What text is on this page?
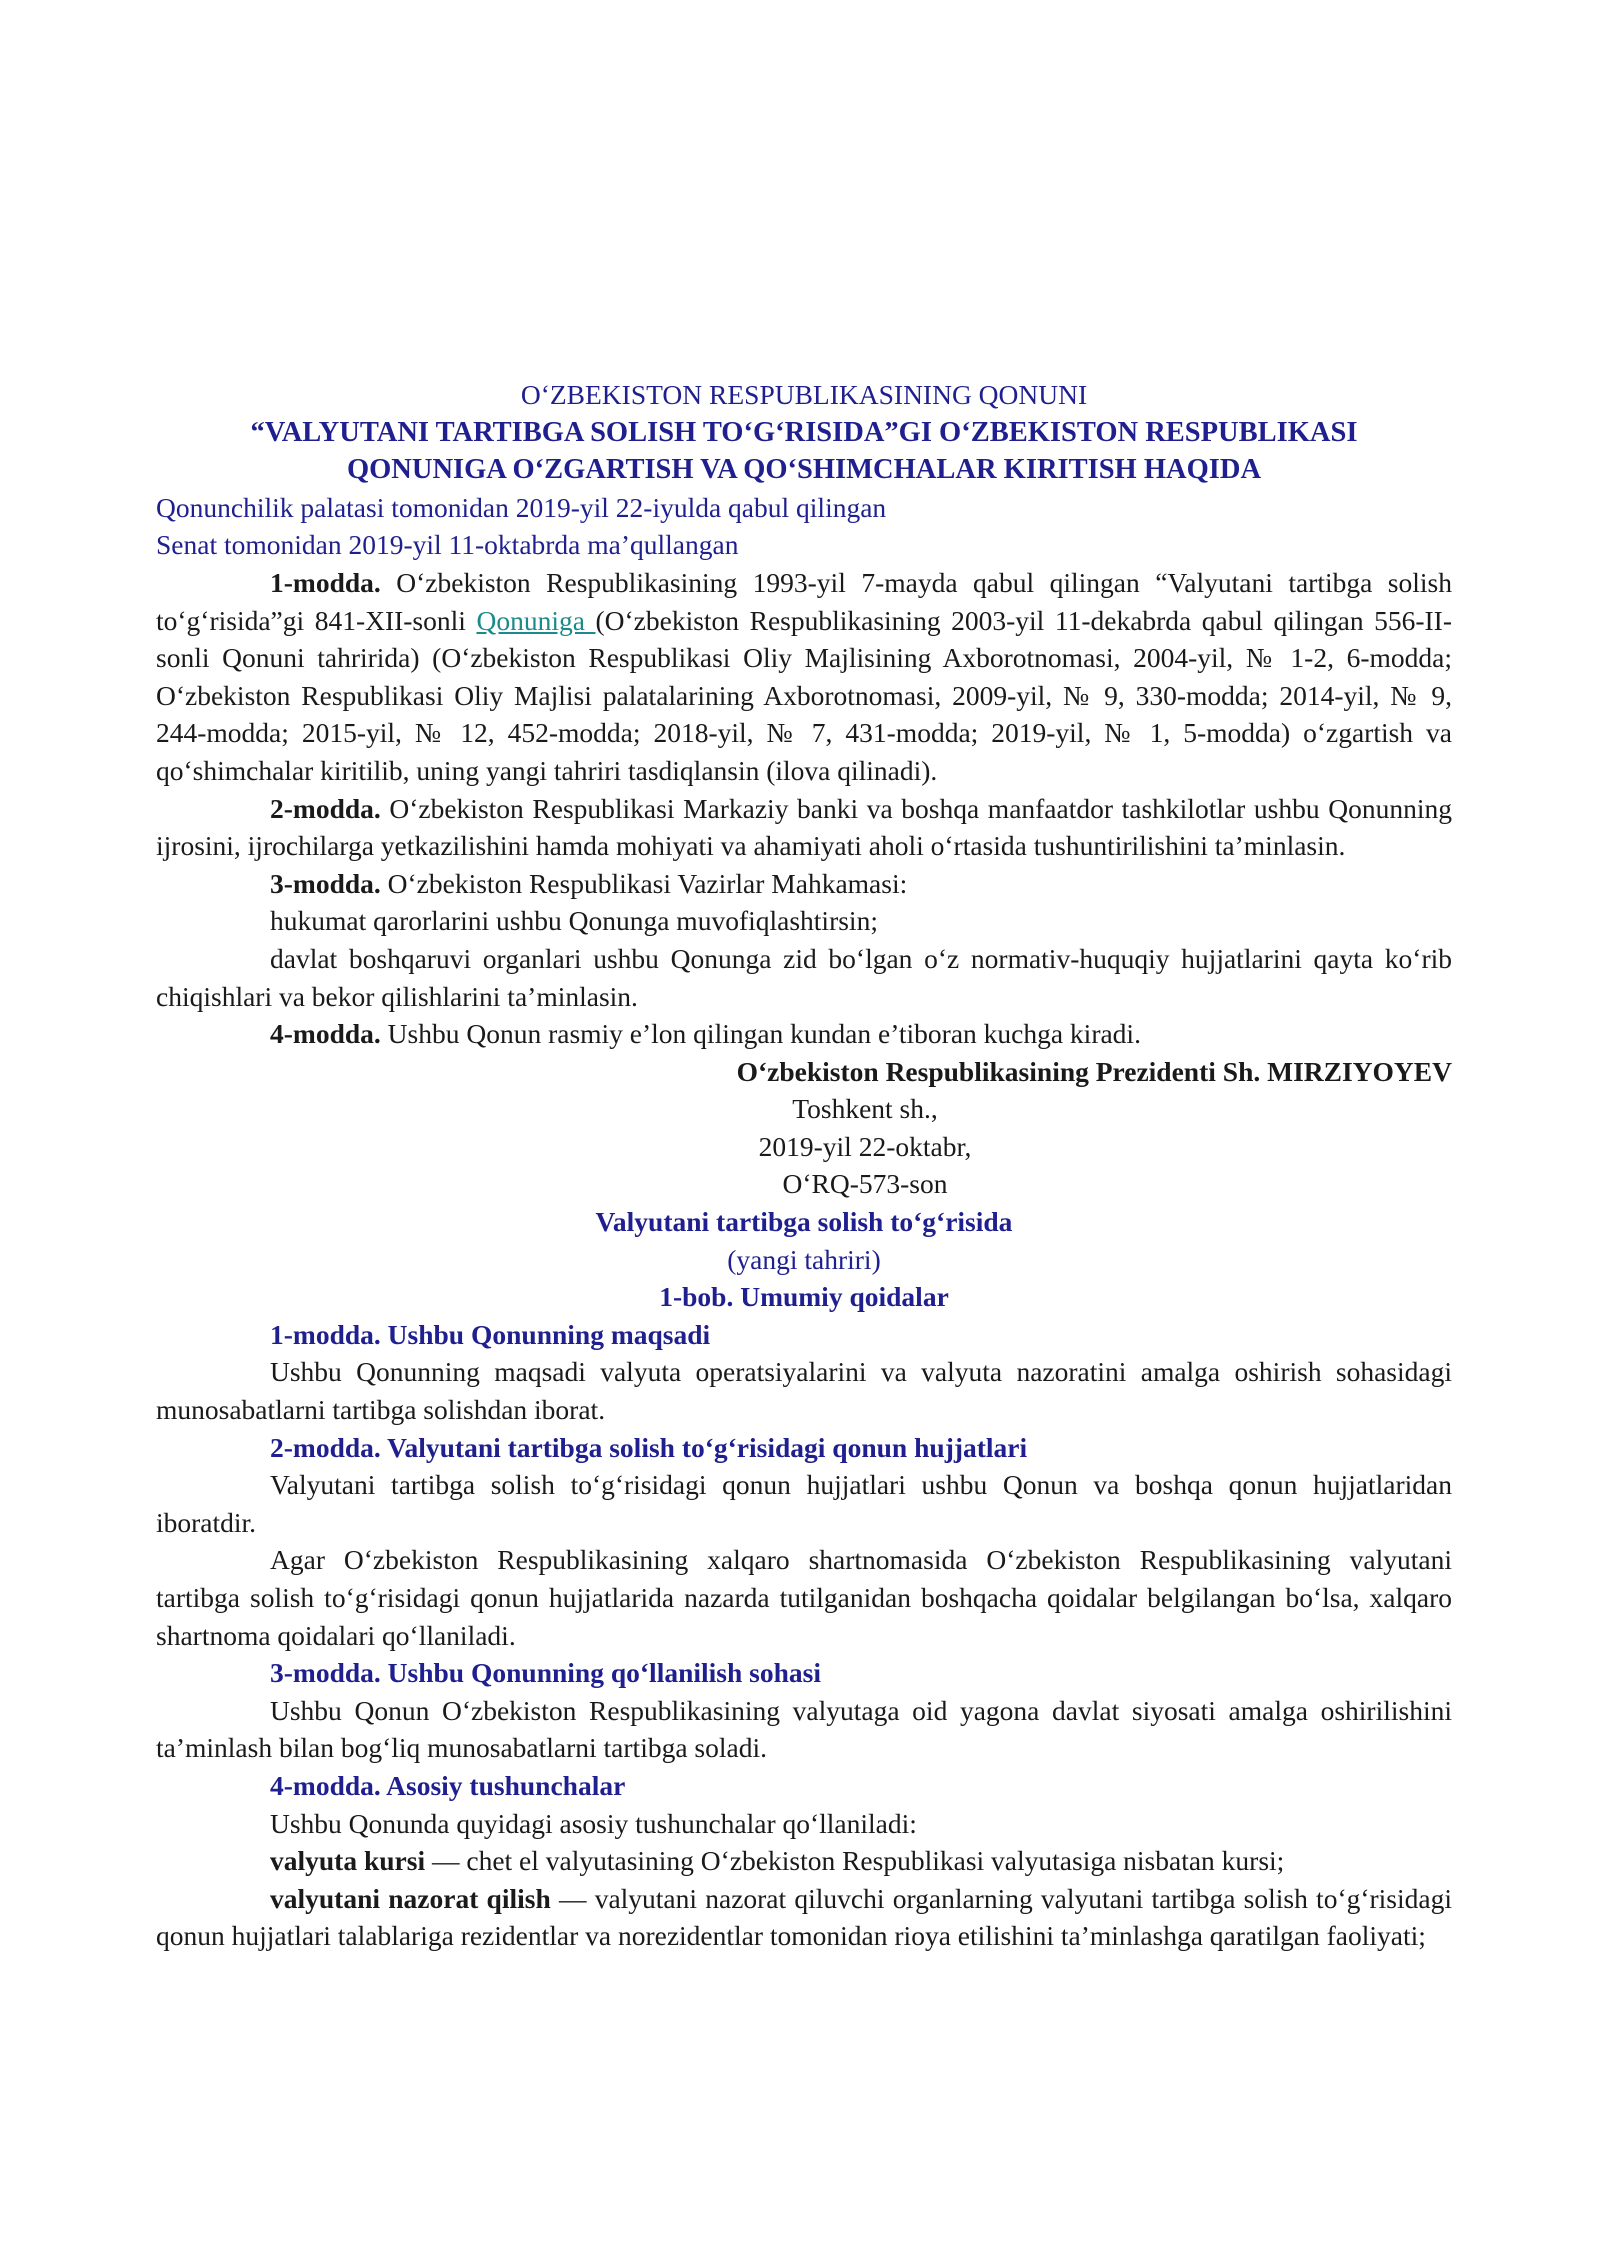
O‘ZBEKISTON RESPUBLIKASINING QONUNI

“VALYUTANI TARTIBGA SOLISH TO‘G‘RISIDA”GI O‘ZBEKISTON RESPUBLIKASI

QONUNIGA O‘ZGARTISH VA QO‘SHIMCHALAR KIRITISH HAQIDA

Qonunchilik palatasi tomonidan 2019-yil 22-iyulda qabul qilingan

Senat tomonidan 2019-yil 11-oktabrda ma’qullangan

1-modda. O‘zbekiston Respublikasining 1993-yil 7-mayda qabul qilingan “Valyutani tartibga solish to‘g‘risida”gi 841-XII-sonli Qonuniga (O‘zbekiston Respublikasining 2003-yil 11-dekabrda qabul qilingan 556-II-sonli Qonuni tahririda) (O‘zbekiston Respublikasi Oliy Majlisining Axborotnomasi, 2004-yil, № 1-2, 6-modda; O‘zbekiston Respublikasi Oliy Majlisi palatalarining Axborotnomasi, 2009-yil, № 9, 330-modda; 2014-yil, № 9, 244-modda; 2015-yil, № 12, 452-modda; 2018-yil, № 7, 431-modda; 2019-yil, № 1, 5-modda) o‘zgartish va qo‘shimchalar kiritilib, uning yangi tahriri tasdiqlansin (ilova qilinadi).

2-modda. O‘zbekiston Respublikasi Markaziy banki va boshqa manfaatdor tashkilotlar ushbu Qonunning ijrosini, ijrochilarga yetkazilishini hamda mohiyati va ahamiyati aholi o‘rtasida tushuntirilishini ta’minlasin.

3-modda. O‘zbekiston Respublikasi Vazirlar Mahkamasi:

hukumat qarorlarini ushbu Qonunga muvofiqlashtirsin;

davlat boshqaruvi organlari ushbu Qonunga zid bo‘lgan o‘z normativ-huquqiy hujjatlarini qayta ko‘rib chiqishlari va bekor qilishlarini ta’minlasin.

4-modda. Ushbu Qonun rasmiy e’lon qilingan kundan e’tiboran kuchga kiradi.

O‘zbekiston Respublikasining Prezidenti Sh. MIRZIYOYEV

Toshkent sh.,

2019-yil 22-oktabr,

O‘RQ-573-son

Valyutani tartibga solish to‘g‘risida

(yangi tahriri)

1-bob. Umumiy qoidalar

1-modda. Ushbu Qonunning maqsadi

Ushbu Qonunning maqsadi valyuta operatsiyalarini va valyuta nazoratini amalga oshirish sohasidagi munosabatlarni tartibga solishdan iborat.

2-modda. Valyutani tartibga solish to‘g‘risidagi qonun hujjatlari

Valyutani tartibga solish to‘g‘risidagi qonun hujjatlari ushbu Qonun va boshqa qonun hujjatlaridan iboratdir.

Agar O‘zbekiston Respublikasining xalqaro shartnomasida O‘zbekiston Respublikasining valyutani tartibga solish to‘g‘risidagi qonun hujjatlarida nazarda tutilganidan boshqacha qoidalar belgilangan bo‘lsa, xalqaro shartnoma qoidalari qo‘llaniladi.

3-modda. Ushbu Qonunning qo‘llanilish sohasi

Ushbu Qonun O‘zbekiston Respublikasining valyutaga oid yagona davlat siyosati amalga oshirilishini ta’minlash bilan bog‘liq munosabatlarni tartibga soladi.

4-modda. Asosiy tushunchalar

Ushbu Qonunda quyidagi asosiy tushunchalar qo‘llaniladi:

valyuta kursi — chet el valyutasining O‘zbekiston Respublikasi valyutasiga nisbatan kursi;

valyutani nazorat qilish — valyutani nazorat qiluvchi organlarning valyutani tartibga solish to‘g‘risidagi qonun hujjatlari talablariga rezidentlar va norezidentlar tomonidan rioya etilishini ta’minlashga qaratilgan faoliyati;
